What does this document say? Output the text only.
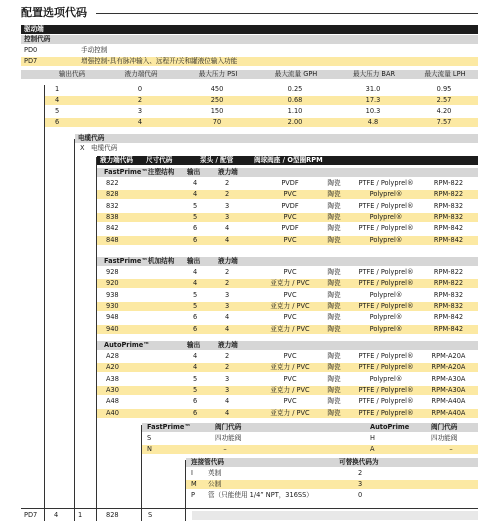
配置选项代码
驱动端
控制代码
PD0	手动控制
PD7	增强控制-具有脉冲输入、远程开/关和罐液位输入功能
输出代码	液力端代码	最大压力 PSI	最大流量 GPH	最大压力 BAR	最大流量 LPH
1	0	450	0.25	31.0	0.95
4	2	250	0.68	17.3	2.57
5	3	150	1.10	10.3	4.20
6	4	70	2.00	4.8	7.57
电缆代码
X 电缆代码
液力端代码 尺寸代码	泵头 / 配管	阀球阀座 / O型圈RPM
FastPrime™注塑结构 输出	液力端
822	4	2	PVDF	陶瓷	PTFE / Polyprel®	RPM-822
828	4	2	PVC	陶瓷	Polyprel®	RPM-822
832	5	3	PVDF	陶瓷	PTFE / Polyprel®	RPM-832
838	5	3	PVC	陶瓷	Polyprel®	RPM-832
842	6	4	PVDF	陶瓷	PTFE / Polyprel®	RPM-842
848	6	4	PVC	陶瓷	Polyprel®	RPM-842
FastPrime™机加结构 输出	液力端
928	4	2	PVC	陶瓷	PTFE / Polyprel®	RPM-822
920	4	2	亚克力 / PVC	陶瓷	PTFE / Polyprel®	RPM-822
938	5	3	PVC	陶瓷	Polyprel®	RPM-832
930	5	3	亚克力 / PVC	陶瓷	PTFE / Polyprel®	RPM-832
948	6	4	PVC	陶瓷	Polyprel®	RPM-842
940	6	4	亚克力 / PVC	陶瓷	Polyprel®	RPM-842
AutoPrime™	输出	液力端
A28	4	2	PVC	陶瓷	PTFE / Polyprel®	RPM-A20A
A20	4	2	亚克力 / PVC	陶瓷	PTFE / Polyprel®	RPM-A20A
A38	5	3	PVC	陶瓷	Polyprel®	RPM-A30A
A30	5	3	亚克力 / PVC	陶瓷	PTFE / Polyprel®	RPM-A30A
A48	6	4	PVC	陶瓷	PTFE / Polyprel®	RPM-A40A
A40	6	4	亚克力 / PVC	陶瓷	PTFE / Polyprel®	RPM-A40A
FastPrime™	阀门代码	AutoPrime	阀门代码
S	四功能阀	H	四功能阀
N	–	A	–
连接管代码	可替换代码为
I 英制	2
M 公制	3
P 管（只能使用 1/4” NPT，316SS）	0
PD7	4	1	828	S
